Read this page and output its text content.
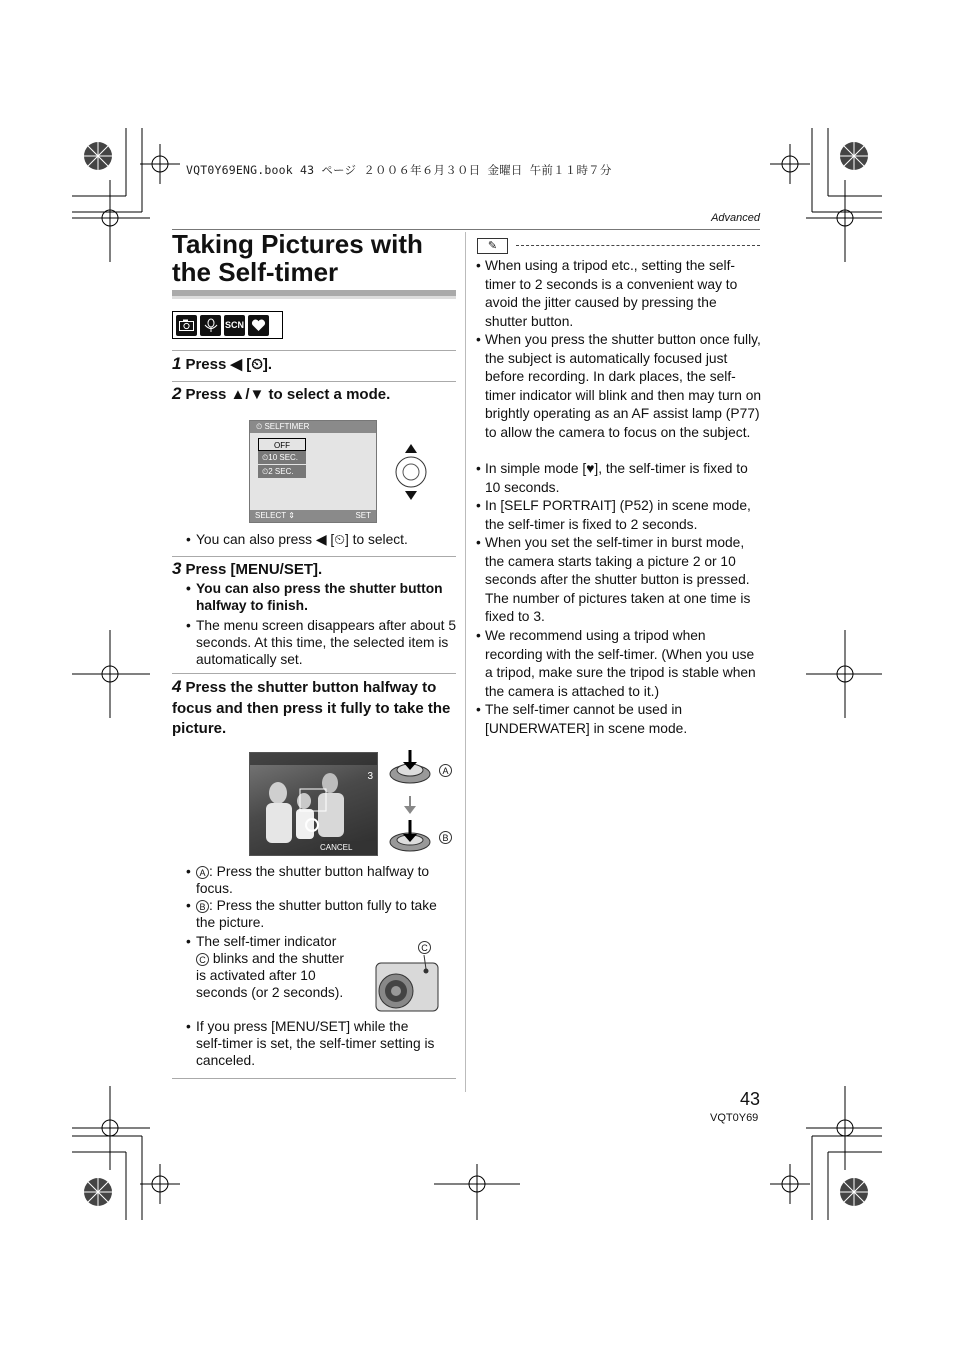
VQT0Y69ENG.book 43 ページ ２００６年６月３０日 金曜日 午前１１時７分
Advanced
Taking Pictures with the Self-timer
SCN
1 Press ◀ [⏲].
2 Press ▲/▼ to select a mode.
⏲ SELFTIMER
OFF
⏲10 SEC.
⏲2 SEC.
SELECT ⇕	SET
• You can also press ◀ [⏲] to select.
3 Press [MENU/SET].
• You can also press the shutter button halfway to finish.
• The menu screen disappears after about 5 seconds. At this time, the selected item is automatically set.
4 Press the shutter button halfway to focus and then press it fully to take the picture.
3
CANCEL
A
B
• A : Press the shutter button halfway to focus.
• B : Press the shutter button fully to take the picture.
• The self-timer indicator C blinks and the shutter is activated after 10 seconds (or 2 seconds).
C
• If you press [MENU/SET] while the self-timer is set, the self-timer setting is canceled.
✎
• When using a tripod etc., setting the self-timer to 2 seconds is a convenient way to avoid the jitter caused by pressing the shutter button.
• When you press the shutter button once fully, the subject is automatically focused just before recording. In dark places, the self-timer indicator will blink and then may turn on brightly operating as an AF assist lamp (P77) to allow the camera to focus on the subject.
• In simple mode [♥], the self-timer is fixed to 10 seconds.
• In [SELF PORTRAIT] (P52) in scene mode, the self-timer is fixed to 2 seconds.
• When you set the self-timer in burst mode, the camera starts taking a picture 2 or 10 seconds after the shutter button is pressed. The number of pictures taken at one time is fixed to 3.
• We recommend using a tripod when recording with the self-timer. (When you use a tripod, make sure the tripod is stable when the camera is attached to it.)
• The self-timer cannot be used in [UNDERWATER] in scene mode.
43
VQT0Y69
